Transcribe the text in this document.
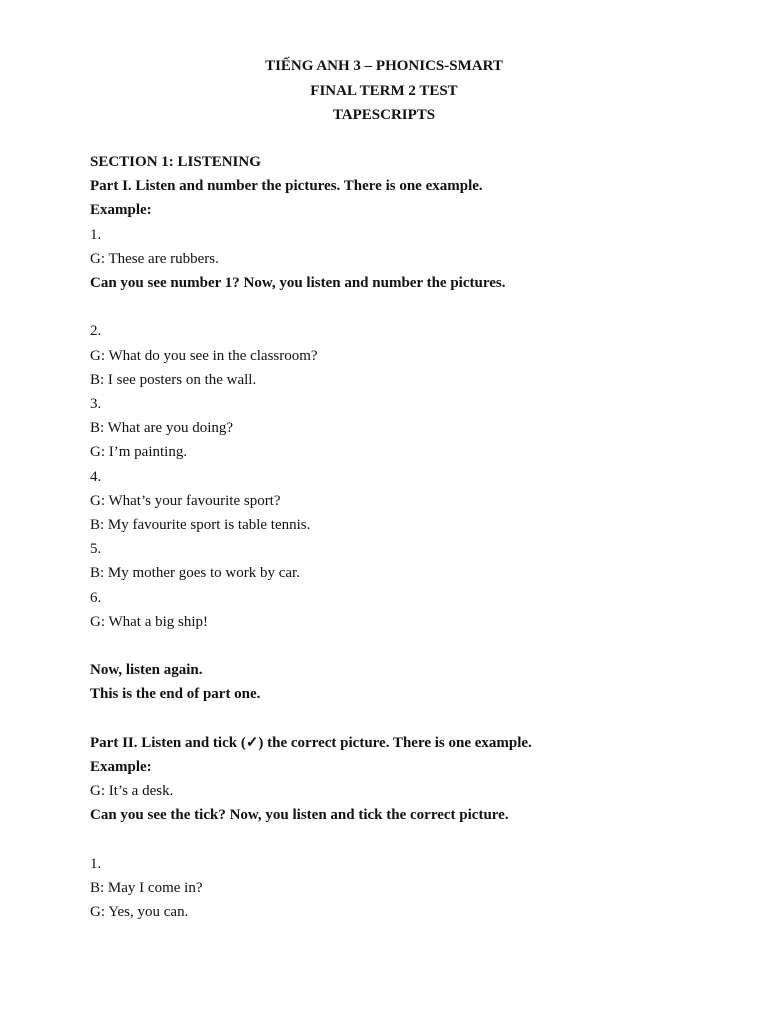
TIẾNG ANH 3 – PHONICS-SMART
FINAL TERM 2 TEST
TAPESCRIPTS
SECTION 1: LISTENING
Part I. Listen and number the pictures. There is one example.
Example:
1.
G: These are rubbers.
Can you see number 1? Now, you listen and number the pictures.
2.
G: What do you see in the classroom?
B: I see posters on the wall.
3.
B: What are you doing?
G: I’m painting.
4.
G: What’s your favourite sport?
B: My favourite sport is table tennis.
5.
B: My mother goes to work by car.
6.
G: What a big ship!
Now, listen again.
This is the end of part one.
Part II. Listen and tick (✓) the correct picture. There is one example.
Example:
G: It’s a desk.
Can you see the tick? Now, you listen and tick the correct picture.
1.
B: May I come in?
G: Yes, you can.
